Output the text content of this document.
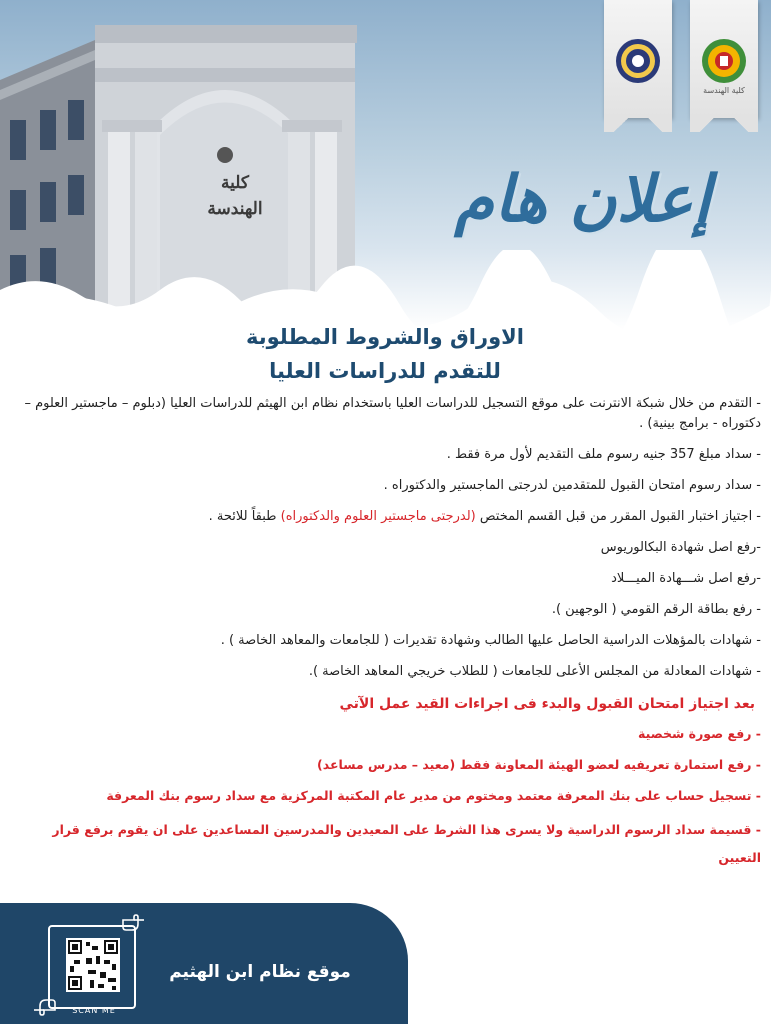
كلية
الهندسة
كلية الهندسة
إعلان هام
الاوراق والشروط المطلوبة
للتقدم للدراسات العليا
- التقدم من خلال شبكة الانترنت على موقع التسجيل للدراسات العليا باستخدام نظام ابن الهيثم للدراسات العليا (دبلوم – ماجستير العلوم – دكتوراه - برامج بينية) .
- سداد مبلغ 357 جنيه رسوم ملف التقديم لأول مرة فقط .
- سداد رسوم امتحان القبول للمتقدمين لدرجتى الماجستير والدكتوراه .
- اجتياز اختبار القبول المقرر من قبل القسم المختص (لدرجتى ماجستير العلوم والدكتوراه) طبقاً للائحة .
-رفع اصل شهادة البكالوريوس
-رفع اصل شـــهادة الميـــلاد
- رفع بطاقة الرقم القومي ( الوجهين ).
- شهادات بالمؤهلات الدراسية الحاصل عليها الطالب وشهادة تقديرات ( للجامعات والمعاهد الخاصة ) .
- شهادات المعادلة من المجلس الأعلى للجامعات ( للطلاب خريجي المعاهد الخاصة ).
بعد اجتياز امتحان القبول والبدء فى اجراءات القيد عمل الآتي
- رفع صورة شخصية
- رفع استمارة تعريفيه لعضو الهيئة المعاونة فقط (معيد – مدرس مساعد)
- تسجيل حساب على بنك المعرفة معتمد ومختوم من مدير عام المكتبة المركزية مع سداد رسوم بنك المعرفة
- قسيمة سداد الرسوم الدراسية ولا يسرى هذا الشرط على المعيدين والمدرسين المساعدين على ان يقوم برفع قرار التعيين
SCAN ME
موقع نظام ابن الهثيم
